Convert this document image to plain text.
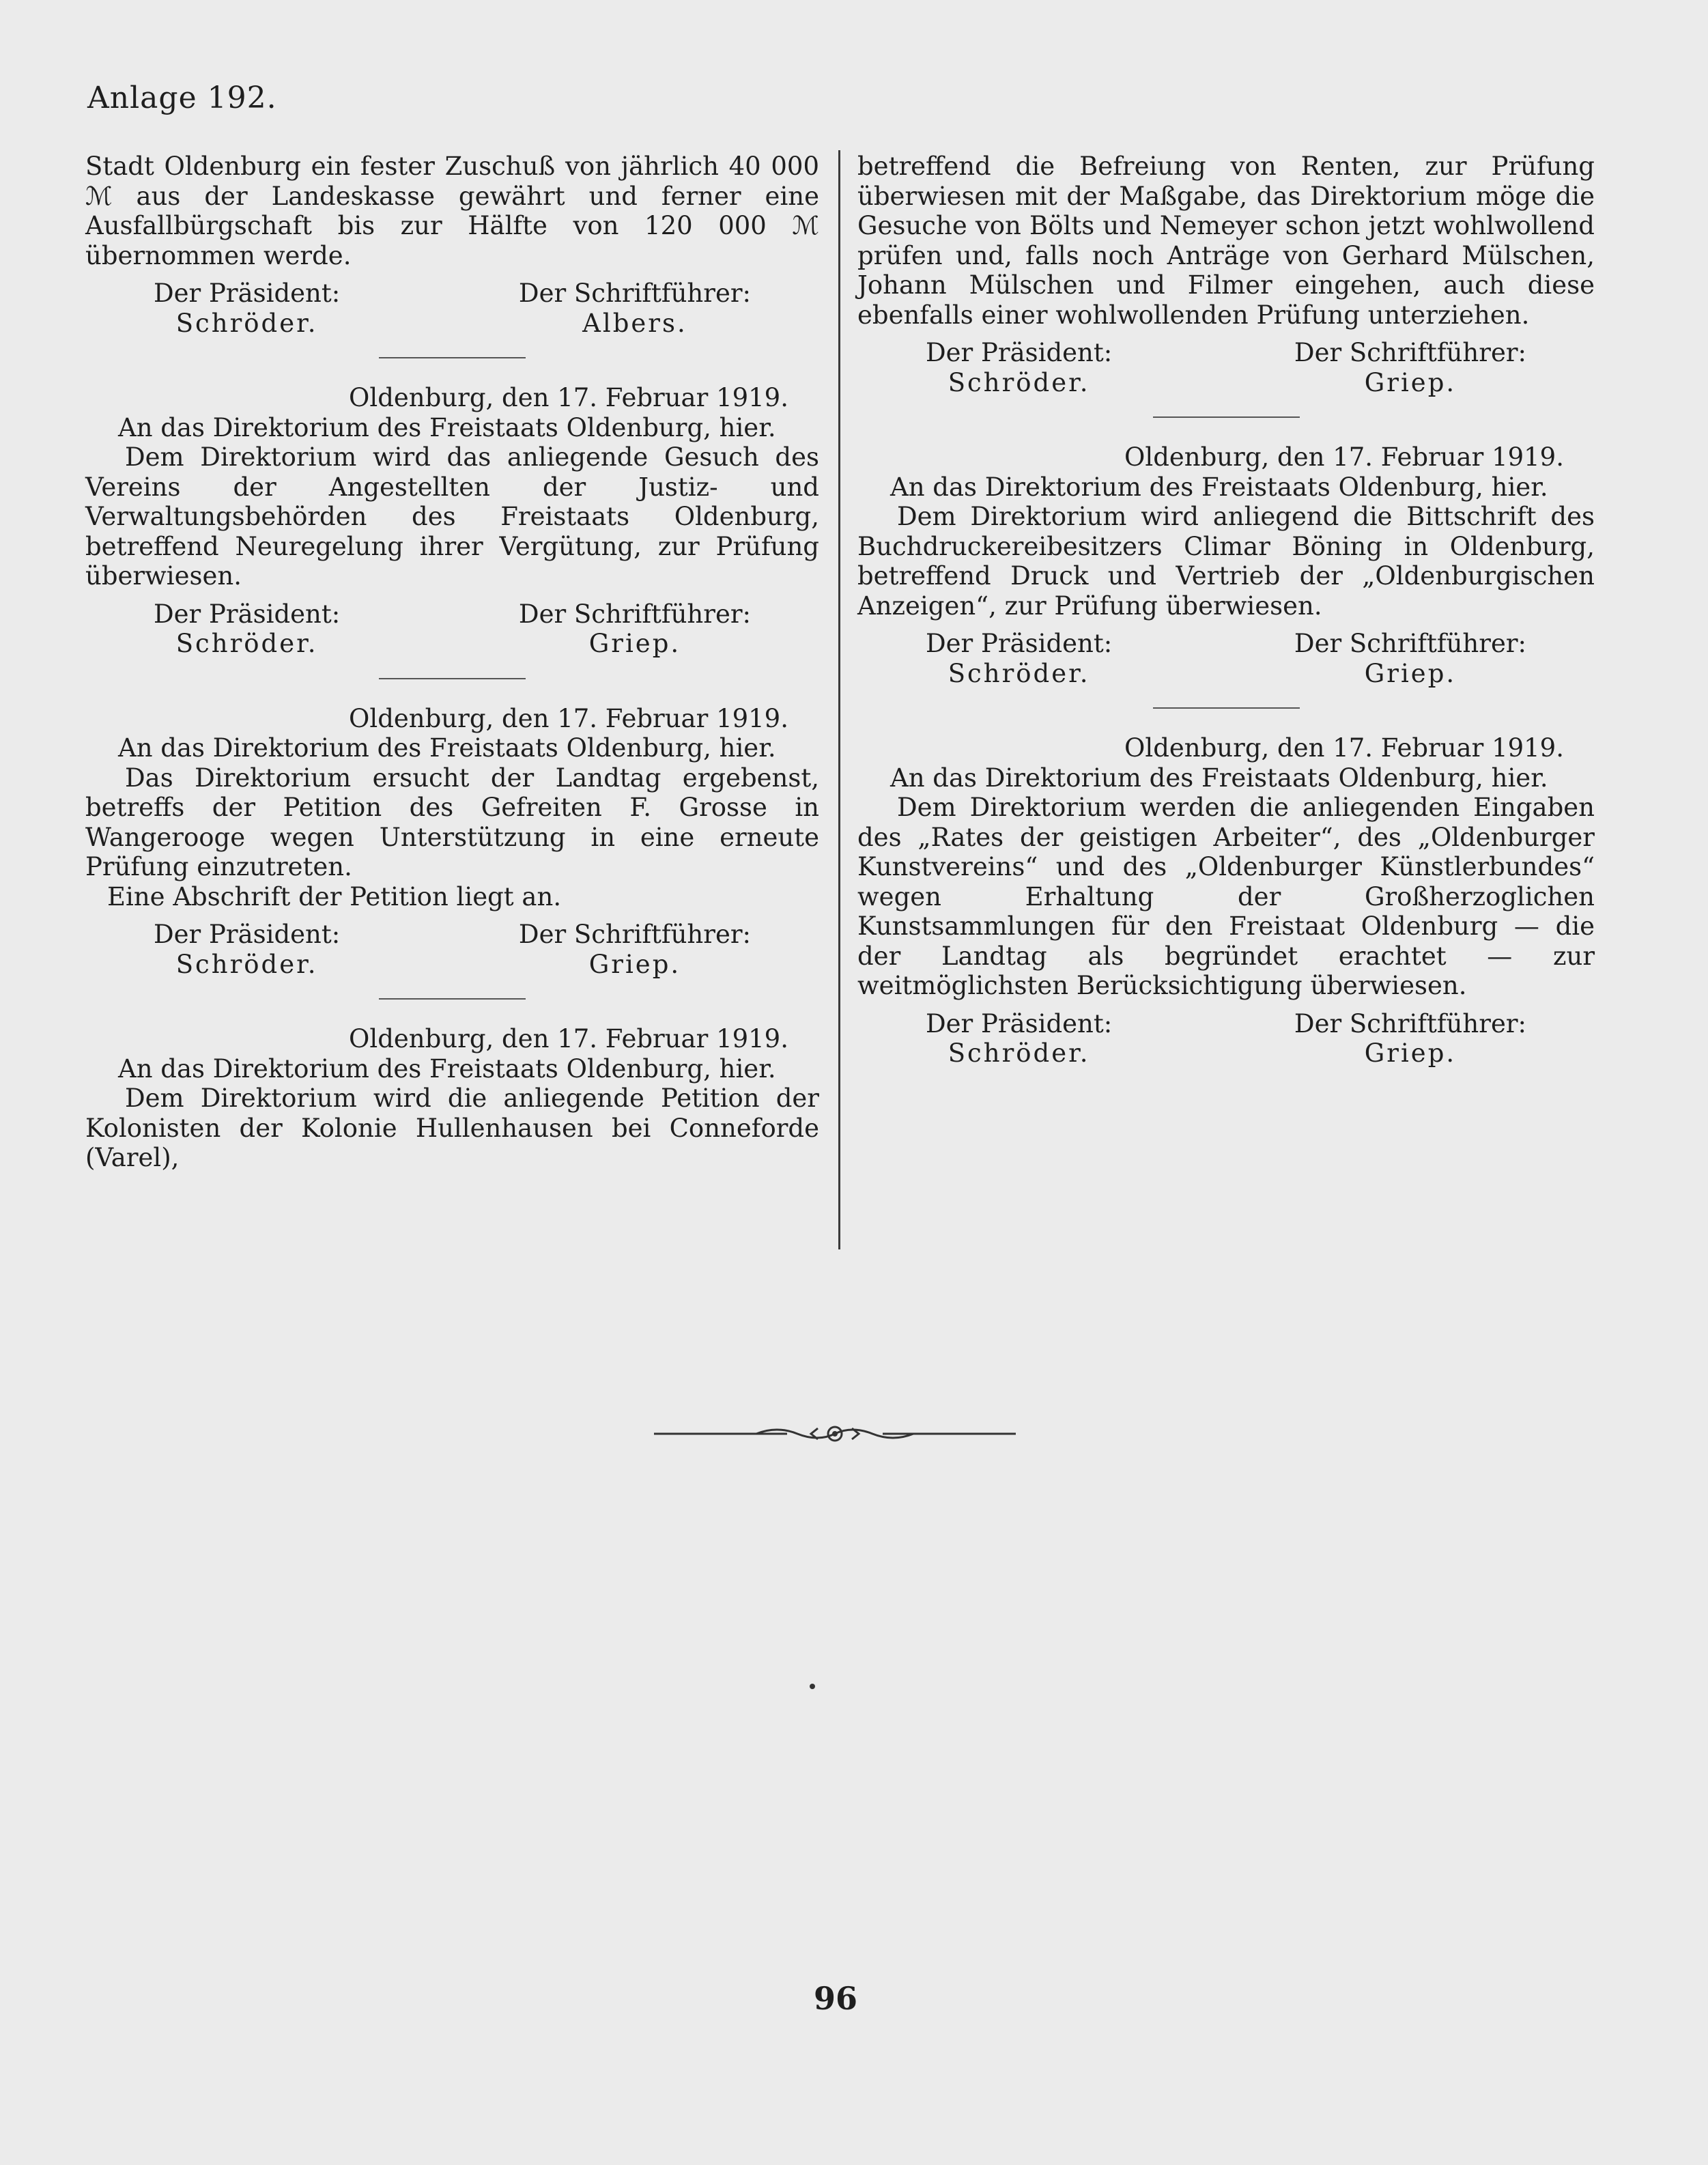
Anlage 192.

Stadt Oldenburg ein fester Zuschuß von jährlich 40 000 ℳ aus der Landeskasse gewährt und ferner eine Ausfallbürgschaft bis zur Hälfte von 120 000 ℳ übernommen werde.

Der Präsident:
Schröder.
Der Schriftführer:
Albers.

Oldenburg, den 17. Februar 1919.

An das Direktorium des Freistaats Oldenburg, hier.

Dem Direktorium wird das anliegende Gesuch des Vereins der Angestellten der Justiz- und Verwaltungsbehörden des Freistaats Oldenburg, betreffend Neuregelung ihrer Vergütung, zur Prüfung überwiesen.

Der Präsident:
Schröder.
Der Schriftführer:
Griep.

Oldenburg, den 17. Februar 1919.

An das Direktorium des Freistaats Oldenburg, hier.

Das Direktorium ersucht der Landtag ergebenst, betreffs der Petition des Gefreiten F. Grosse in Wangerooge wegen Unterstützung in eine erneute Prüfung einzutreten.

Eine Abschrift der Petition liegt an.

Der Präsident:
Schröder.
Der Schriftführer:
Griep.

Oldenburg, den 17. Februar 1919.

An das Direktorium des Freistaats Oldenburg, hier.

Dem Direktorium wird die anliegende Petition der Kolonisten der Kolonie Hullenhausen bei Conneforde (Varel),

betreffend die Befreiung von Renten, zur Prüfung überwiesen mit der Maßgabe, das Direktorium möge die Gesuche von Bölts und Nemeyer schon jetzt wohlwollend prüfen und, falls noch Anträge von Gerhard Mülschen, Johann Mülschen und Filmer eingehen, auch diese ebenfalls einer wohlwollenden Prüfung unterziehen.

Der Präsident:
Schröder.
Der Schriftführer:
Griep.

Oldenburg, den 17. Februar 1919.

An das Direktorium des Freistaats Oldenburg, hier.

Dem Direktorium wird anliegend die Bittschrift des Buchdruckereibesitzers Climar Böning in Oldenburg, betreffend Druck und Vertrieb der „Oldenburgischen Anzeigen“, zur Prüfung überwiesen.

Der Präsident:
Schröder.
Der Schriftführer:
Griep.

Oldenburg, den 17. Februar 1919.

An das Direktorium des Freistaats Oldenburg, hier.

Dem Direktorium werden die anliegenden Eingaben des „Rates der geistigen Arbeiter“, des „Oldenburger Kunstvereins“ und des „Oldenburger Künstlerbundes“ wegen Erhaltung der Großherzoglichen Kunstsammlungen für den Freistaat Oldenburg — die der Landtag als begründet erachtet — zur weitmöglichsten Berücksichtigung überwiesen.

Der Präsident:
Schröder.
Der Schriftführer:
Griep.
96
